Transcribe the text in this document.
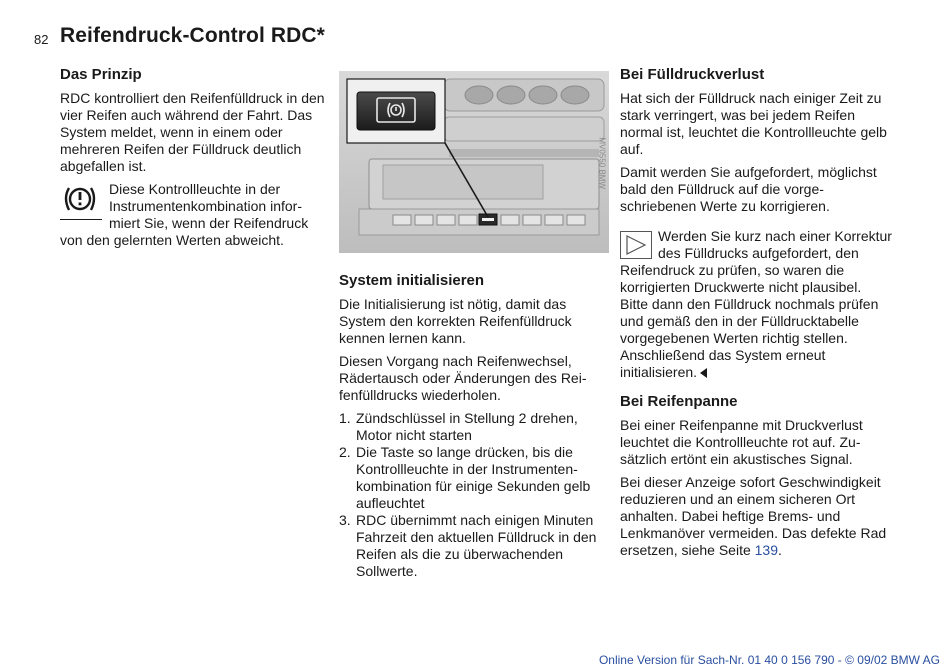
82 Reifendruck-Control RDC*
Das Prinzip

RDC kontrolliert den Reifenfülldruck in den vier Reifen auch während der Fahrt. Das System meldet, wenn in einem oder mehreren Reifen der Fülldruck deutlich abgefallen ist.

Diese Kontrollleuchte in der Instrumentenkombination informiert Sie, wenn der Reifendruck von den gelernten Werten abweicht.
MV0550 BMW
System initialisieren

Die Initialisierung ist nötig, damit das System den korrekten Reifenfülldruck kennen lernen kann.

Diesen Vorgang nach Reifenwechsel, Rädertausch oder Änderungen des Reifenfülldrucks wiederholen.

1. Zündschlüssel in Stellung 2 drehen, Motor nicht starten
2. Die Taste so lange drücken, bis die Kontrollleuchte in der Instrumentenkombination für einige Sekunden gelb aufleuchtet
3. RDC übernimmt nach einigen Minuten Fahrzeit den aktuellen Fülldruck in den Reifen als die zu überwachenden Sollwerte.
Bei Fülldruckverlust

Hat sich der Fülldruck nach einiger Zeit zu stark verringert, was bei jedem Reifen normal ist, leuchtet die Kontrollleuchte gelb auf.

Damit werden Sie aufgefordert, möglichst bald den Fülldruck auf die vorgeschriebenen Werte zu korrigieren.

Werden Sie kurz nach einer Korrektur des Fülldrucks aufgefordert, den Reifendruck zu prüfen, so waren die korrigierten Druckwerte nicht plausibel. Bitte dann den Fülldruck nochmals prüfen und gemäß den in der Fülldrucktabelle vorgegebenen Werten richtig stellen. Anschließend das System erneut initialisieren.
Bei Reifenpanne

Bei einer Reifenpanne mit Druckverlust leuchtet die Kontrollleuchte rot auf. Zusätzlich ertönt ein akustisches Signal.

Bei dieser Anzeige sofort Geschwindigkeit reduzieren und an einem sicheren Ort anhalten. Dabei heftige Brems- und Lenkmanöver vermeiden. Das defekte Rad ersetzen, siehe Seite 139.

Online Version für Sach-Nr. 01 40 0 156 790 - © 09/02 BMW AG
